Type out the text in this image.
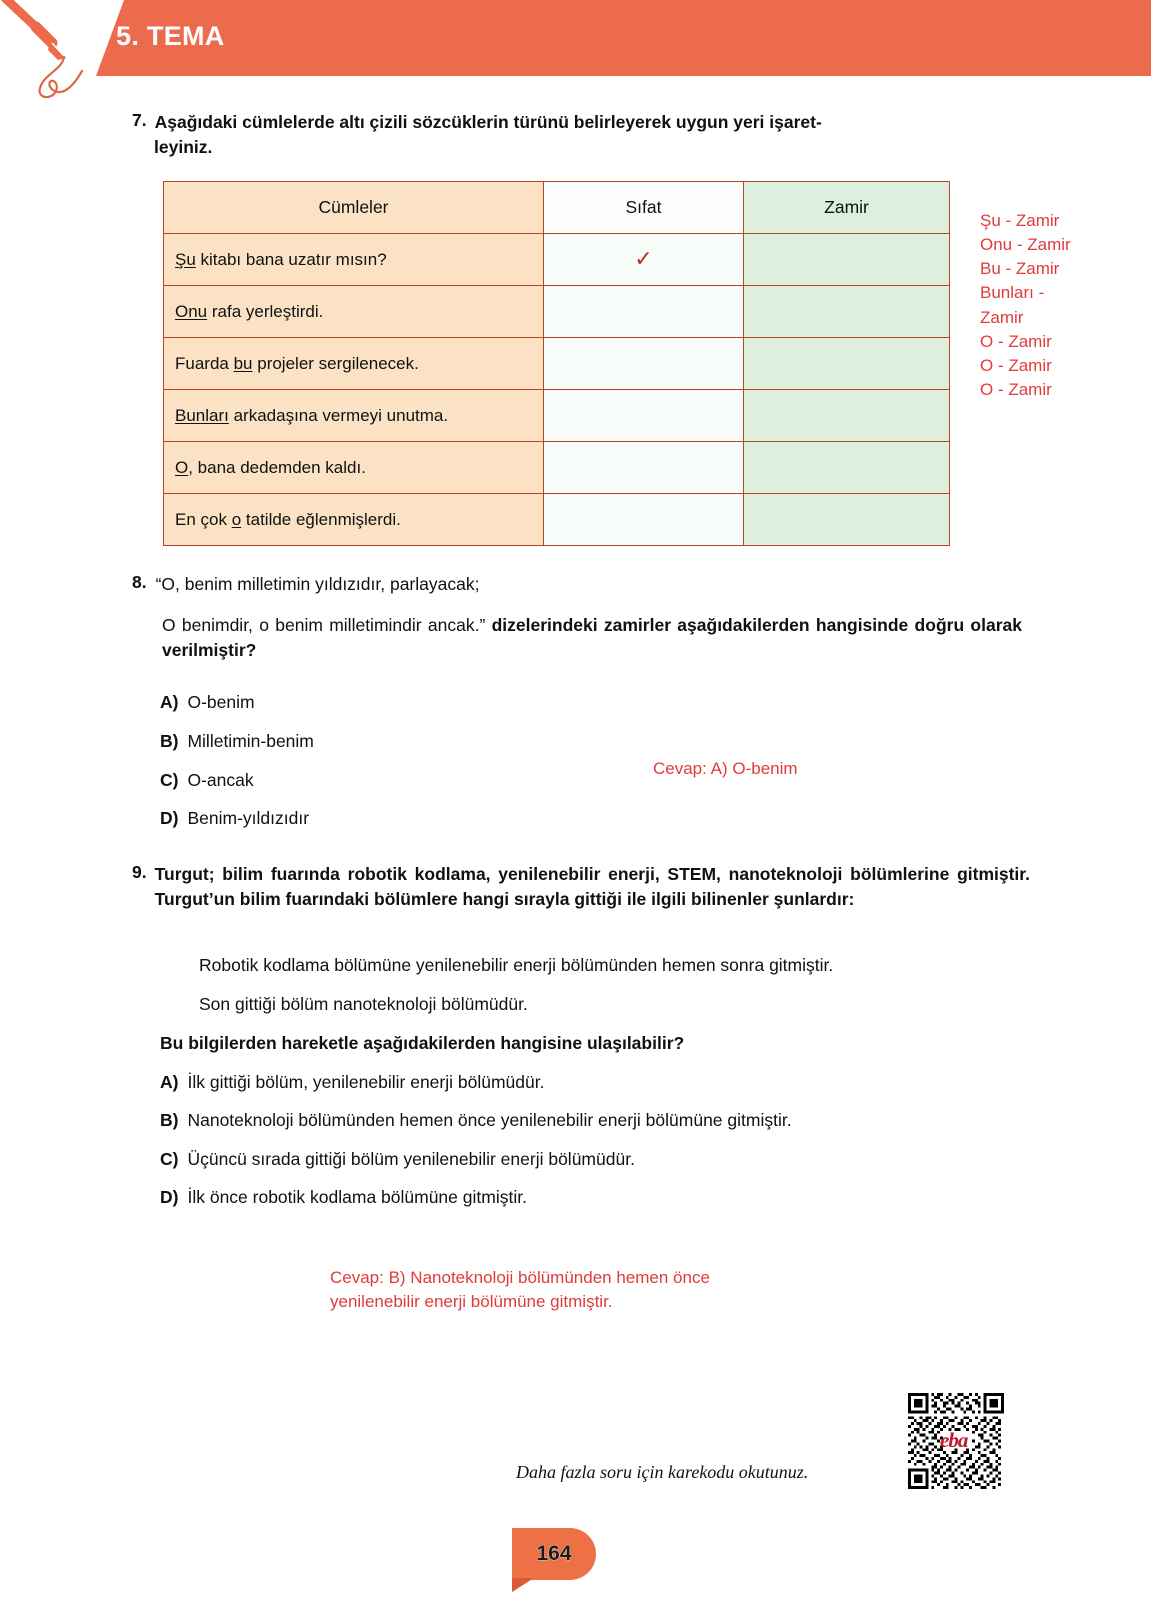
5. TEMA
7. Aşağıdaki cümlelerde altı çizili sözcüklerin türünü belirleyerek uygun yeri işaret-
leyiniz.
Cümleler	Sıfat	Zamir
Şu kitabı bana uzatır mısın?	✓	
Onu rafa yerleştirdi.		
Fuarda bu projeler sergilenecek.		
Bunları arkadaşına vermeyi unutma.		
O, bana dedemden kaldı.		
En çok o tatilde eğlenmişlerdi.		
Şu - Zamir
Onu - Zamir
Bu - Zamir
Bunları -
Zamir
O - Zamir
O - Zamir
O - Zamir
8. “O, benim milletimin yıldızıdır, parlayacak;
O benimdir, o benim milletimindir ancak.” dizelerindeki zamirler aşağıdakilerden hangisinde doğru olarak verilmiştir?
A) O-benim
B) Milletimin-benim
C) O-ancak
D) Benim-yıldızıdır
Cevap: A) O-benim
9. Turgut; bilim fuarında robotik kodlama, yenilenebilir enerji, STEM, nanoteknoloji bölümlerine gitmiştir. Turgut’un bilim fuarındaki bölümlere hangi sırayla gittiği ile ilgili bilinenler şunlardır:
Robotik kodlama bölümüne yenilenebilir enerji bölümünden hemen sonra gitmiştir.
Son gittiği bölüm nanoteknoloji bölümüdür.
Bu bilgilerden hareketle aşağıdakilerden hangisine ulaşılabilir?
A) İlk gittiği bölüm, yenilenebilir enerji bölümüdür.
B) Nanoteknoloji bölümünden hemen önce yenilenebilir enerji bölümüne gitmiştir.
C) Üçüncü sırada gittiği bölüm yenilenebilir enerji bölümüdür.
D) İlk önce robotik kodlama bölümüne gitmiştir.
Cevap: B) Nanoteknoloji bölümünden hemen önce
yenilenebilir enerji bölümüne gitmiştir.
Daha fazla soru için karekodu okutunuz.
eba
164
